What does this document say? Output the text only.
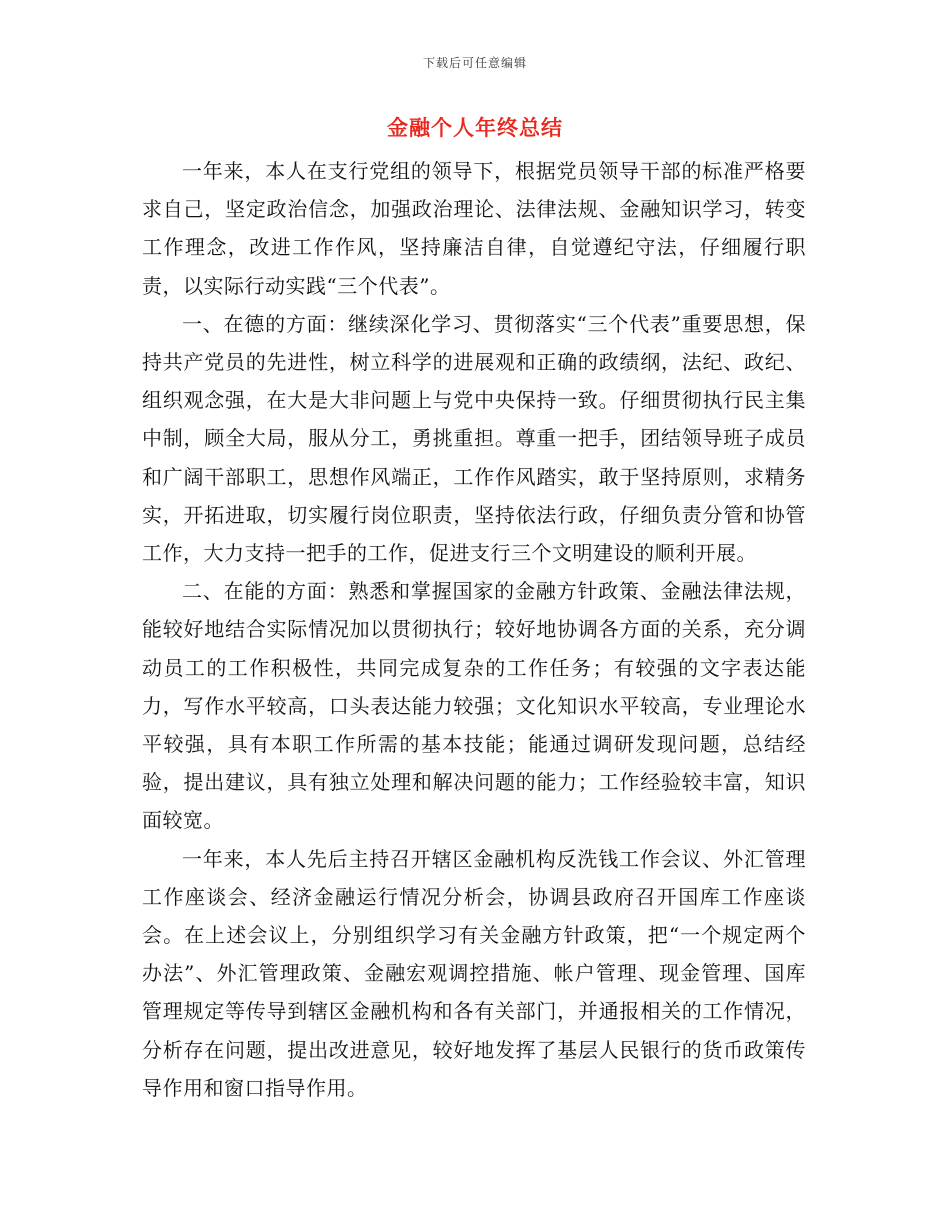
下载后可任意编辑
金融个人年终总结

一年来，本人在支行党组的领导下，根据党员领导干部的标准严格要求自己，坚定政治信念，加强政治理论、法律法规、金融知识学习，转变工作理念，改进工作作风，坚持廉洁自律，自觉遵纪守法，仔细履行职责，以实际行动实践“三个代表”。

一、在德的方面：继续深化学习、贯彻落实“三个代表”重要思想，保持共产党员的先进性，树立科学的进展观和正确的政绩纲，法纪、政纪、组织观念强，在大是大非问题上与党中央保持一致。仔细贯彻执行民主集中制，顾全大局，服从分工，勇挑重担。尊重一把手，团结领导班子成员和广阔干部职工，思想作风端正，工作作风踏实，敢于坚持原则，求精务实，开拓进取，切实履行岗位职责，坚持依法行政，仔细负责分管和协管工作，大力支持一把手的工作，促进支行三个文明建设的顺利开展。

二、在能的方面：熟悉和掌握国家的金融方针政策、金融法律法规，能较好地结合实际情况加以贯彻执行；较好地协调各方面的关系，充分调动员工的工作积极性，共同完成复杂的工作任务；有较强的文字表达能力，写作水平较高，口头表达能力较强；文化知识水平较高，专业理论水平较强，具有本职工作所需的基本技能；能通过调研发现问题，总结经验，提出建议，具有独立处理和解决问题的能力；工作经验较丰富，知识面较宽。

一年来，本人先后主持召开辖区金融机构反洗钱工作会议、外汇管理工作座谈会、经济金融运行情况分析会，协调县政府召开国库工作座谈会。在上述会议上，分别组织学习有关金融方针政策，把“一个规定两个办法”、外汇管理政策、金融宏观调控措施、帐户管理、现金管理、国库管理规定等传导到辖区金融机构和各有关部门，并通报相关的工作情况，分析存在问题，提出改进意见，较好地发挥了基层人民银行的货币政策传导作用和窗口指导作用。
